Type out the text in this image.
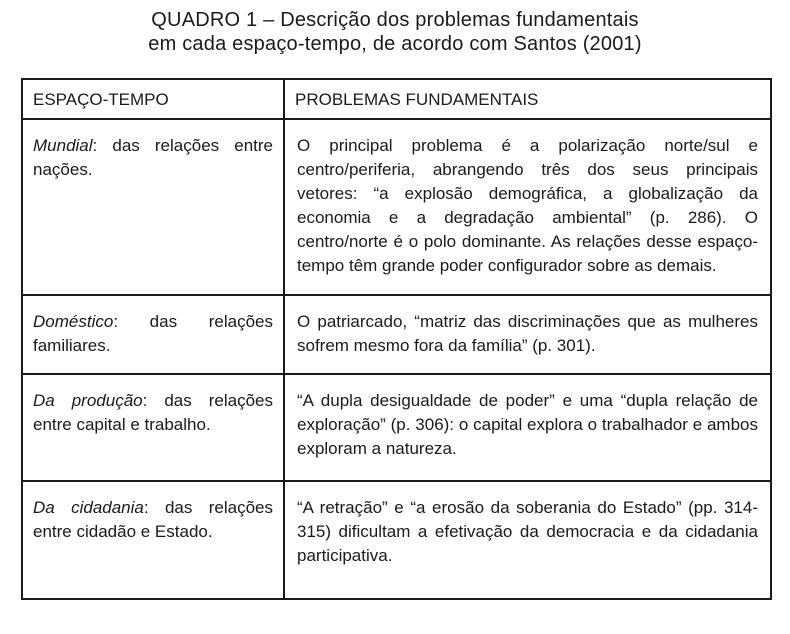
QUADRO 1 – Descrição dos problemas fundamentais
em cada espaço-tempo, de acordo com Santos (2001)
ESPAÇO-TEMPO	PROBLEMAS FUNDAMENTAIS
Mundial: das relações entre nações.	O principal problema é a polarização norte/sul e centro/periferia, abrangendo três dos seus principais vetores: “a explosão demográfica, a globalização da economia e a degradação ambiental” (p. 286). O centro/norte é o polo dominante. As relações desse espaço-tempo têm grande poder configurador sobre as demais.
Doméstico: das relações familiares.	O patriarcado, “matriz das discriminações que as mulheres sofrem mesmo fora da família” (p. 301).
Da produção: das relações entre capital e trabalho.	“A dupla desigualdade de poder” e uma “dupla relação de exploração” (p. 306): o capital explora o trabalhador e ambos exploram a natureza.
Da cidadania: das relações entre cidadão e Estado.	“A retração” e “a erosão da soberania do Estado” (pp. 314-315) dificultam a efetivação da democracia e da cidadania participativa.
